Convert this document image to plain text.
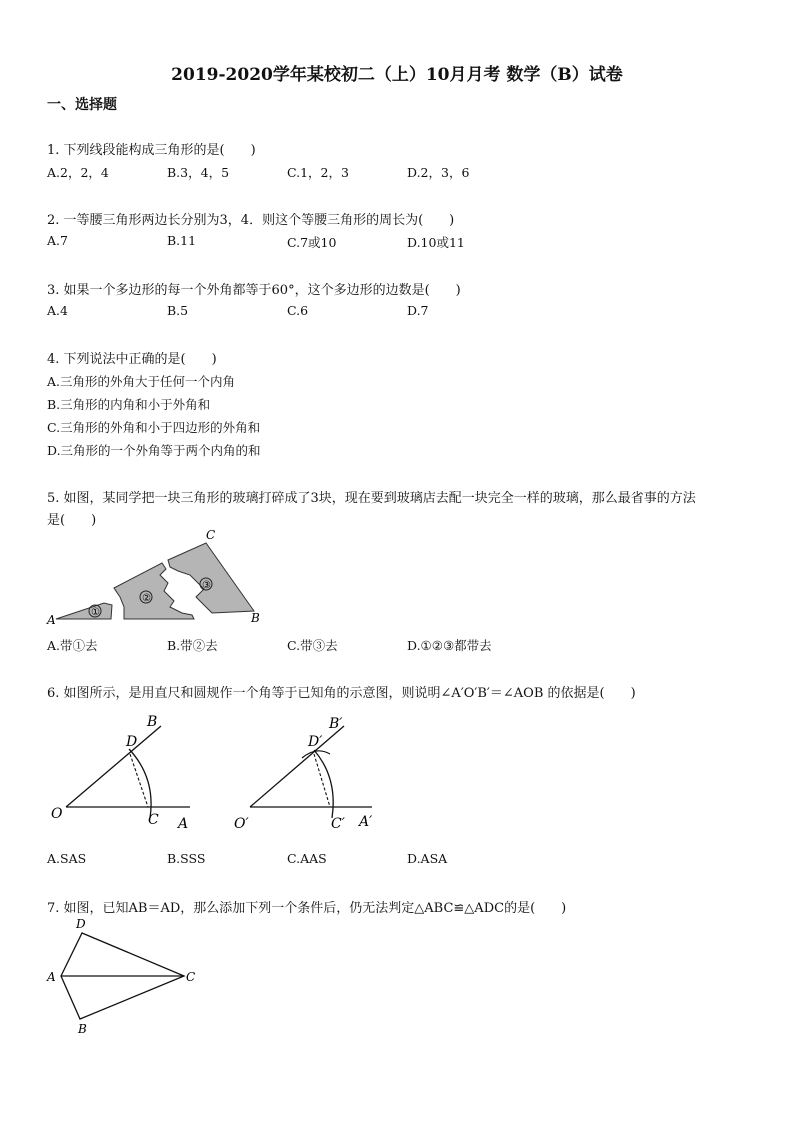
2019-2020学年某校初二（上）10月月考 数学（B）试卷
一、选择题
1. 下列线段能构成三角形的是(　　)
A.2，2，4	B.3，4，5	C.1，2，3	D.2，3，6
2. 一等腰三角形两边长分别为3，4．则这个等腰三角形的周长为(　　)
A.7	B.11	C.7或10	D.10或11
3. 如果一个多边形的每一个外角都等于60°，这个多边形的边数是(　　)
A.4	B.5	C.6	D.7
4. 下列说法中正确的是(　　)
A.三角形的外角大于任何一个内角
B.三角形的内角和小于外角和
C.三角形的外角和小于四边形的外角和
D.三角形的一个外角等于两个内角的和
5. 如图，某同学把一块三角形的玻璃打碎成了3块，现在要到玻璃店去配一块完全一样的玻璃，那么最省事的方法
是(　　)
①
②
③
A
C
B
A.带①去	B.带②去	C.带③去	D.①②③都带去
6. 如图所示，是用直尺和圆规作一个角等于已知角的示意图，则说明∠A′O′B′＝∠AOB 的依据是(　　)
B
D
O	C A
B′
D′
O′	C′ A′
A.SAS	B.SSS	C.AAS	D.ASA
7. 如图，已知AB＝AD，那么添加下列一个条件后，仍无法判定△ABC≌△ADC的是(　　)
D
A	C
B
